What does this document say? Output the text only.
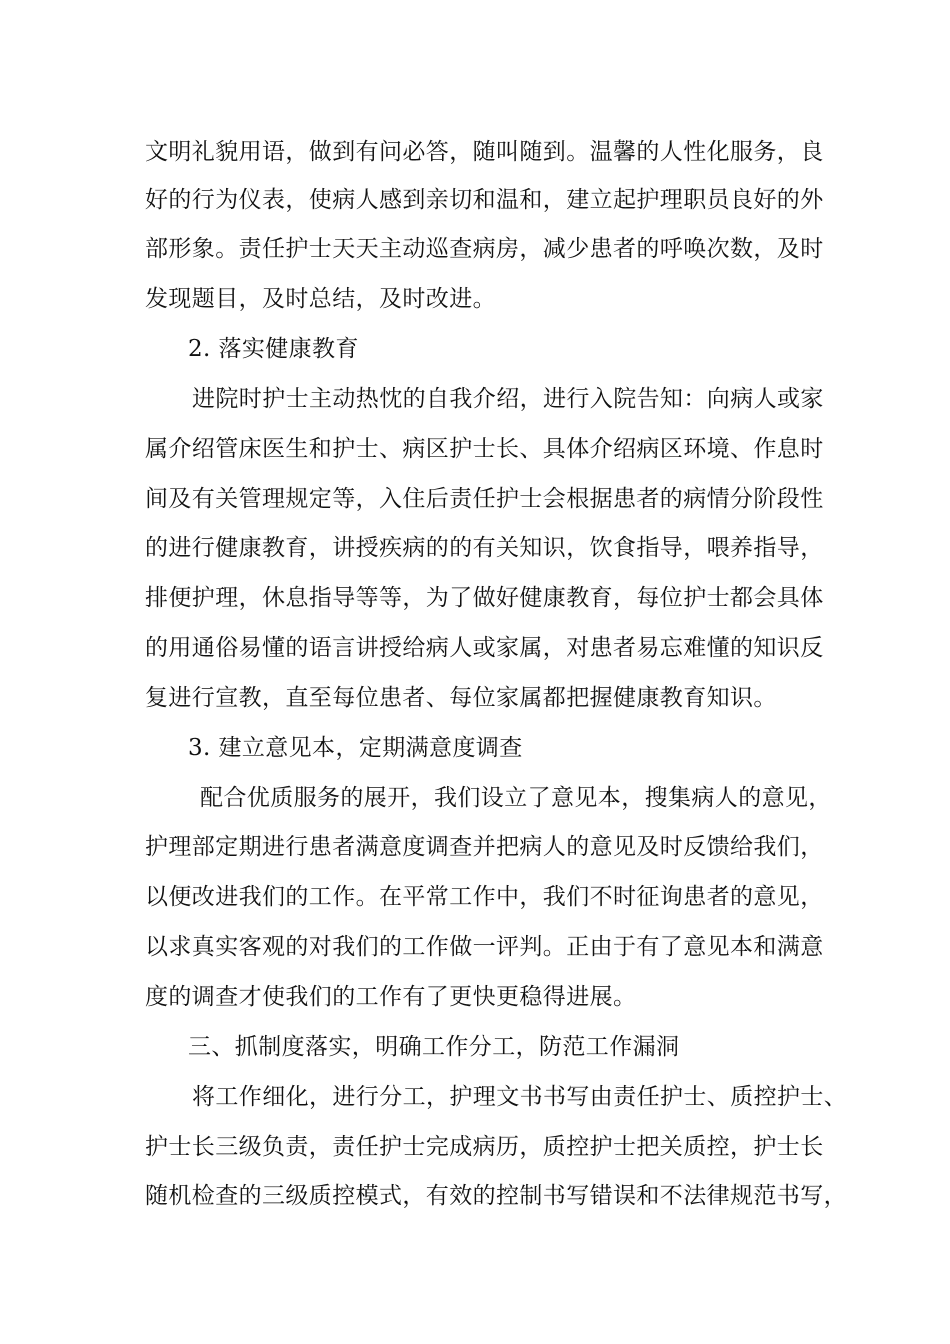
文明礼貌用语，做到有问必答，随叫随到。温馨的人性化服务，良
好的行为仪表，使病人感到亲切和温和，建立起护理职员良好的外
部形象。责任护士天天主动巡查病房，减少患者的呼唤次数，及时
发现题目，及时总结，及时改进。
2. 落实健康教育
进院时护士主动热忱的自我介绍，进行入院告知：向病人或家
属介绍管床医生和护士、病区护士长、具体介绍病区环境、作息时
间及有关管理规定等，入住后责任护士会根据患者的病情分阶段性
的进行健康教育，讲授疾病的的有关知识，饮食指导，喂养指导，
排便护理，休息指导等等，为了做好健康教育，每位护士都会具体
的用通俗易懂的语言讲授给病人或家属，对患者易忘难懂的知识反
复进行宣教，直至每位患者、每位家属都把握健康教育知识。
3. 建立意见本，定期满意度调查
配合优质服务的展开，我们设立了意见本，搜集病人的意见，
护理部定期进行患者满意度调查并把病人的意见及时反馈给我们，
以便改进我们的工作。在平常工作中，我们不时征询患者的意见，
以求真实客观的对我们的工作做一评判。正由于有了意见本和满意
度的调查才使我们的工作有了更快更稳得进展。
三、抓制度落实，明确工作分工，防范工作漏洞
将工作细化，进行分工，护理文书书写由责任护士、质控护士、
护士长三级负责，责任护士完成病历，质控护士把关质控，护士长
随机检查的三级质控模式，有效的控制书写错误和不法律规范书写，
